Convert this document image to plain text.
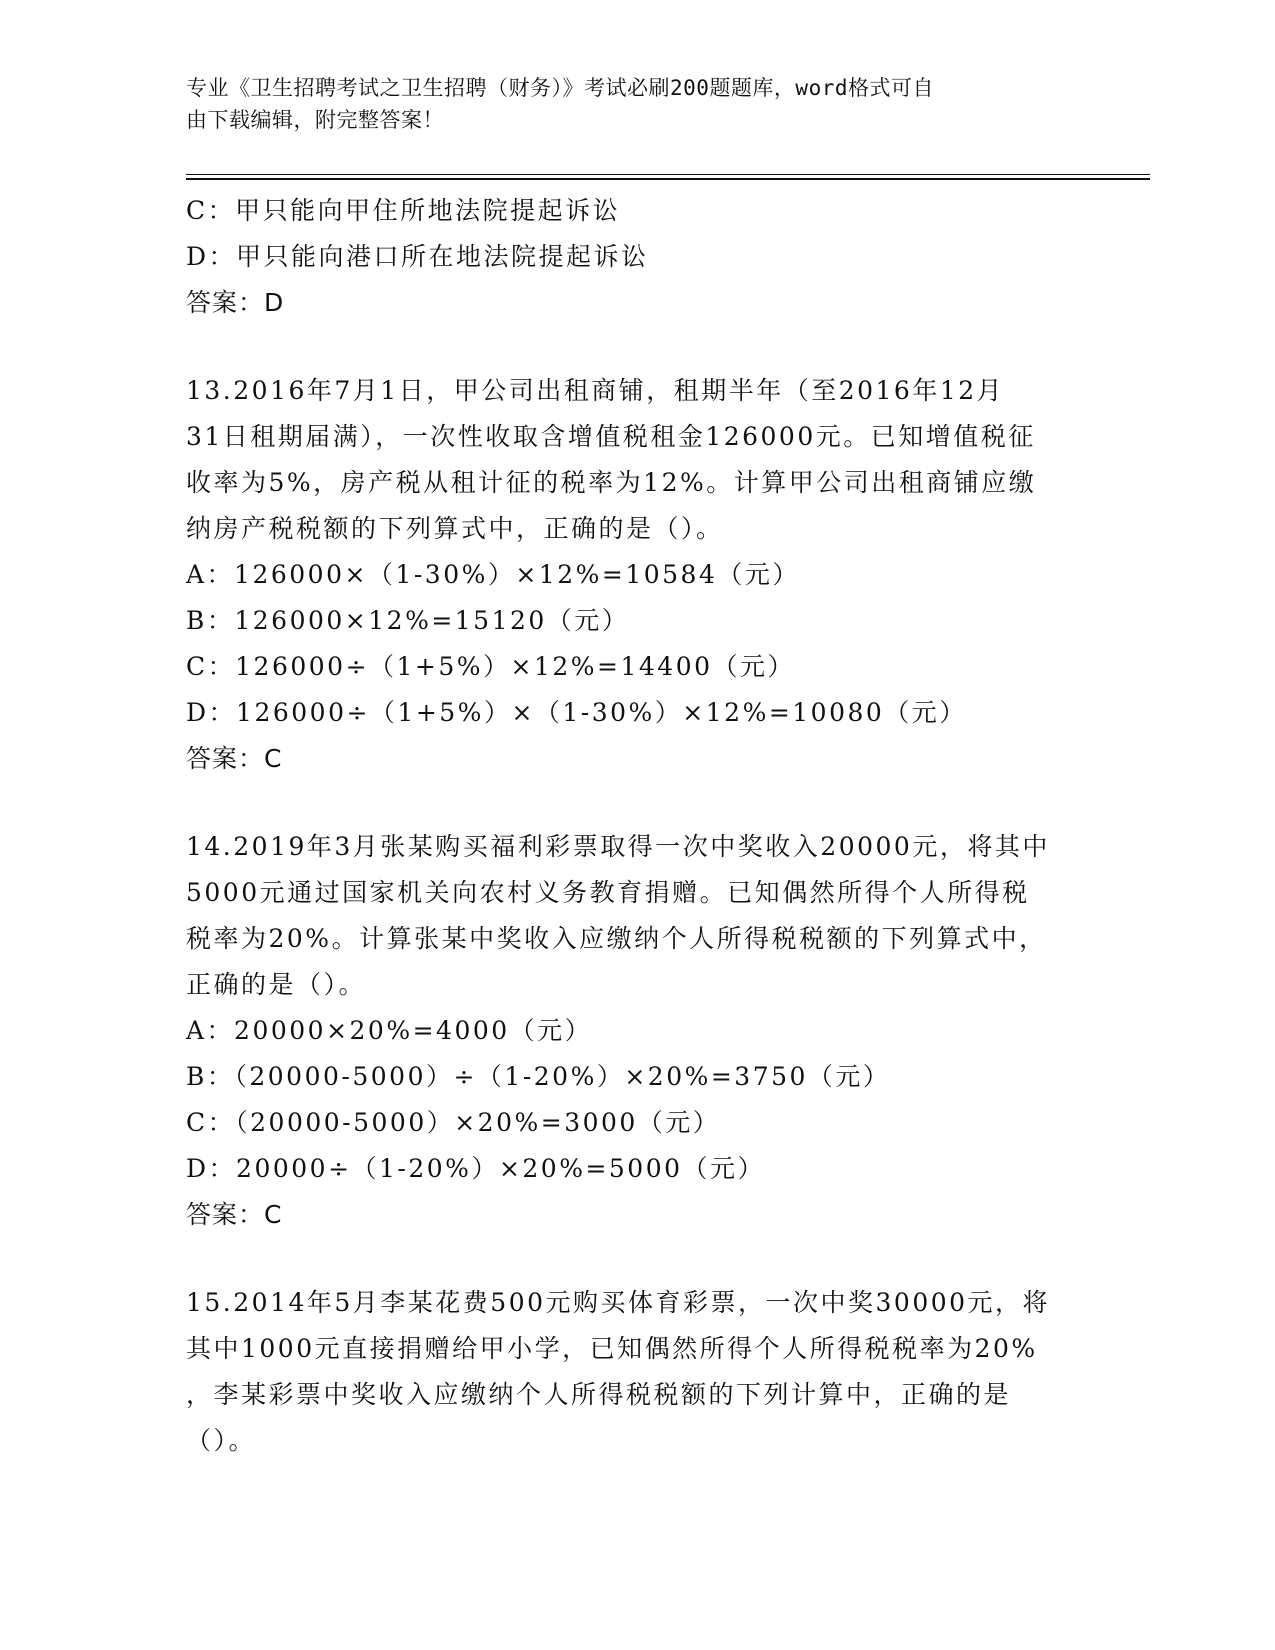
专业《卫生招聘考试之卫生招聘（财务）》考试必刷200题题库，word格式可自
由下载编辑，附完整答案！
C：甲只能向甲住所地法院提起诉讼
D：甲只能向港口所在地法院提起诉讼
答案：D
13.2016年7月1日，甲公司出租商铺，租期半年（至2016年12月
31日租期届满），一次性收取含增值税租金126000元。已知增值税征
收率为5%，房产税从租计征的税率为12%。计算甲公司出租商铺应缴
纳房产税税额的下列算式中，正确的是（）。
A：126000×（1-30%）×12%=10584（元）
B：126000×12%=15120（元）
C：126000÷（1+5%）×12%=14400（元）
D：126000÷（1+5%）×（1-30%）×12%=10080（元）
答案：C
14.2019年3月张某购买福利彩票取得一次中奖收入20000元，将其中
5000元通过国家机关向农村义务教育捐赠。已知偶然所得个人所得税
税率为20%。计算张某中奖收入应缴纳个人所得税税额的下列算式中，
正确的是（）。
A：20000×20%=4000（元）
B：（20000-5000）÷（1-20%）×20%=3750（元）
C：（20000-5000）×20%=3000（元）
D：20000÷（1-20%）×20%=5000（元）
答案：C
15.2014年5月李某花费500元购买体育彩票，一次中奖30000元，将
其中1000元直接捐赠给甲小学，已知偶然所得个人所得税税率为20%
，李某彩票中奖收入应缴纳个人所得税税额的下列计算中，正确的是
（）。
